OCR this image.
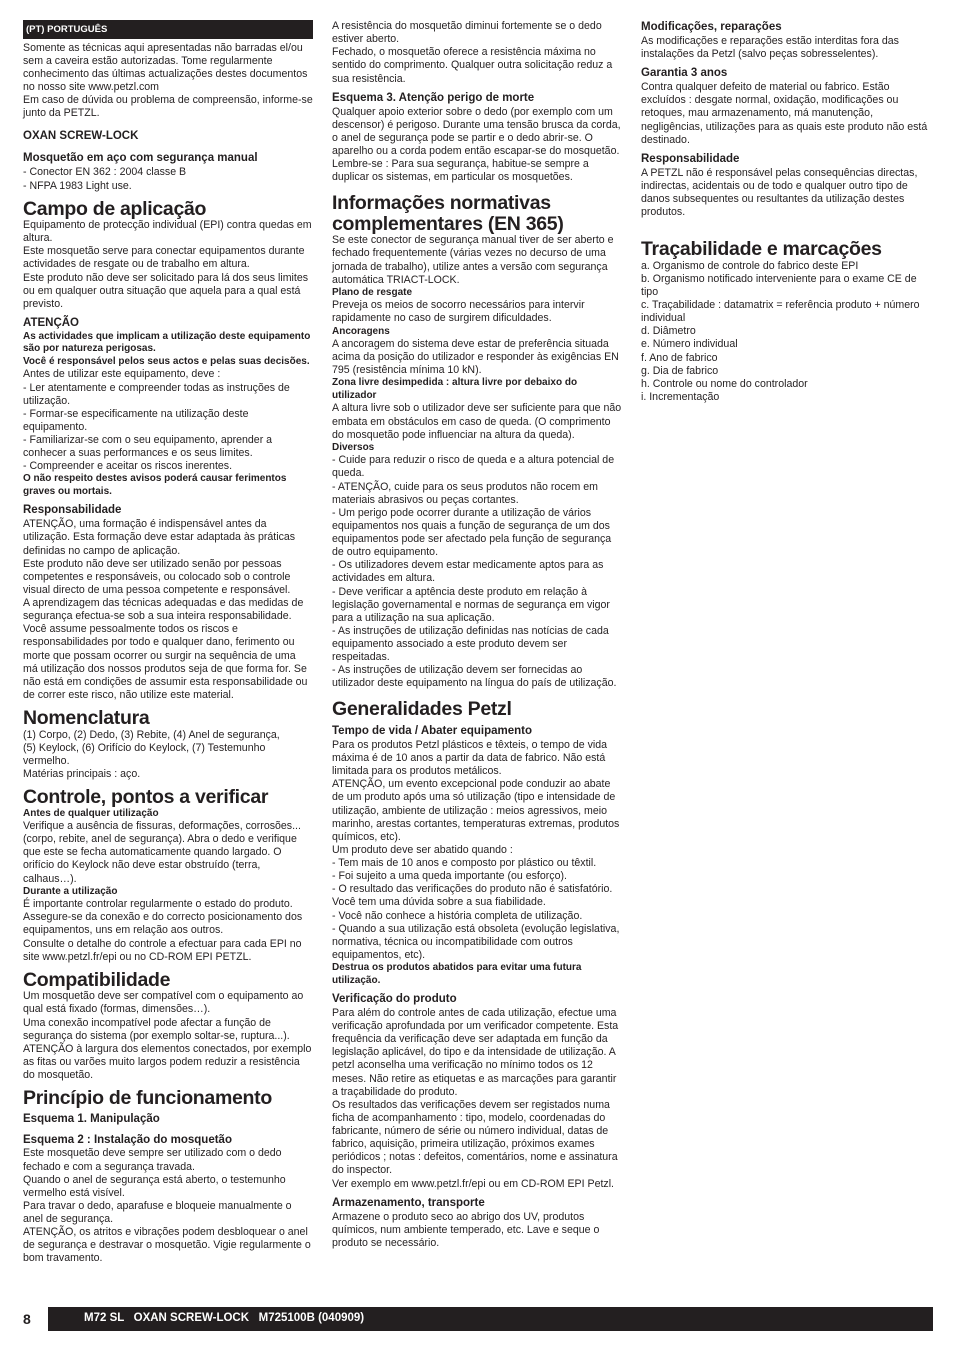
(PT) PORTUGUÊS

Somente as técnicas aqui apresentadas não barradas el/ou sem a caveira estão autorizadas. Tome regularmente conhecimento das últimas actualizações destes documentos no nosso site www.petzl.com
Em caso de dúvida ou problema de compreensão, informe-se junto da PETZL.

OXAN SCREW-LOCK
Mosquetão em aço com segurança manual

- Conector EN 362 : 2004 classe B
- NFPA 1983 Light use.

Campo de aplicação

Equipamento de protecção individual (EPI) contra quedas em altura.
Este mosquetão serve para conectar equipamentos durante actividades de resgate ou de trabalho em altura.
Este produto não deve ser solicitado para lá dos seus limites ou em qualquer outra situação que aquela para a qual está previsto.

ATENÇÃO

As actividades que implicam a utilização deste equipamento são por natureza perigosas.

Você é responsável pelos seus actos e pelas suas decisões.

Antes de utilizar este equipamento, deve :
- Ler atentamente e compreender todas as instruções de utilização.
- Formar-se especificamente na utilização deste equipamento.
- Familiarizar-se com o seu equipamento, aprender a conhecer a suas performances e os seus limites.
- Compreender e aceitar os riscos inerentes.

O não respeito destes avisos poderá causar ferimentos graves ou mortais.

Responsabilidade

ATENÇÃO, uma formação é indispensável antes da utilização. Esta formação deve estar adaptada às práticas definidas no campo de aplicação.
Este produto não deve ser utilizado senão por pessoas competentes e responsáveis, ou colocado sob o controle visual directo de uma pessoa competente e responsável.
A aprendizagem das técnicas adequadas e das medidas de segurança efectua-se sob a sua inteira responsabilidade.
Você assume pessoalmente todos os riscos e responsabilidades por todo e qualquer dano, ferimento ou morte que possam ocorrer ou surgir na sequência de uma má utilização dos nossos produtos seja de que forma for. Se não está em condições de assumir esta responsabilidade ou de correr este risco, não utilize este material.

Nomenclatura

(1) Corpo, (2) Dedo, (3) Rebite, (4) Anel de segurança,
(5) Keylock, (6) Orifício do Keylock, (7) Testemunho vermelho.
Matérias principais : aço.

Controle, pontos a verificar

Antes de qualquer utilização

Verifique a ausência de fissuras, deformações, corrosões... (corpo, rebite, anel de segurança). Abra o dedo e verifique que este se fecha automaticamente quando largado. O orifício do Keylock não deve estar obstruído (terra, calhaus…).

Durante a utilização

É importante controlar regularmente o estado do produto. Assegure-se da conexão e do correcto posicionamento dos equipamentos, uns em relação aos outros.
Consulte o detalhe do controle a efectuar para cada EPI no site www.petzl.fr/epi ou no CD-ROM EPI PETZL.

Compatibilidade

Um mosquetão deve ser compatível com o equipamento ao qual está fixado (formas, dimensões…).
Uma conexão incompatível pode afectar a função de segurança do sistema (por exemplo soltar-se, ruptura...).
ATENÇÃO à largura dos elementos conectados, por exemplo as fitas ou varões muito largos podem reduzir a resistência do mosquetão.

Princípio de funcionamento
Esquema 1. Manipulação
Esquema 2 : Instalação do mosquetão

Este mosquetão deve sempre ser utilizado com o dedo fechado e com a segurança travada.
Quando o anel de segurança está aberto, o testemunho vermelho está visível.
Para travar o dedo, aparafuse e bloqueie manualmente o anel de segurança.
ATENÇÃO, os atritos e vibrações podem desbloquear o anel de segurança e destravar o mosquetão. Vigie regularmente o bom travamento.

A resistência do mosquetão diminui fortemente se o dedo estiver aberto.
Fechado, o mosquetão oferece a resistência máxima no sentido do comprimento. Qualquer outra solicitação reduz a sua resistência.

Esquema 3. Atenção perigo de morte

Qualquer apoio exterior sobre o dedo (por exemplo com um descensor) é perigoso. Durante uma tensão brusca da corda, o anel de segurança pode se partir e o dedo abrir-se. O aparelho ou a corda podem então escapar-se do mosquetão.
Lembre-se : Para sua segurança, habitue-se sempre a duplicar os sistemas, em particular os mosquetões.

Informações normativas complementares (EN 365)

Se este conector de segurança manual tiver de ser aberto e fechado frequentemente (várias vezes no decurso de uma jornada de trabalho), utilize antes a versão com segurança automática TRIACT-LOCK.

Plano de resgate

Preveja os meios de socorro necessários para intervir rapidamente no caso de surgirem dificuldades.

Ancoragens

A ancoragem do sistema deve estar de preferência situada acima da posição do utilizador e responder às exigências EN 795 (resistência mínima 10 kN).

Zona livre desimpedida : altura livre por debaixo do utilizador

A altura livre sob o utilizador deve ser suficiente para que não embata em obstáculos em caso de queda. (O comprimento do mosquetão pode influenciar na altura da queda).

Diversos

- Cuide para reduzir o risco de queda e a altura potencial de queda.
- ATENÇÃO, cuide para os seus produtos não rocem em materiais abrasivos ou peças cortantes.
- Um perigo pode ocorrer durante a utilização de vários equipamentos nos quais a função de segurança de um dos equipamentos pode ser afectado pela função de segurança de outro equipamento.
- Os utilizadores devem estar medicamente aptos para as actividades em altura.
- Deve verificar a aptência deste produto em relação à legislação governamental e normas de segurança em vigor para a utilização na sua aplicação.
- As instruções de utilização definidas nas notícias de cada equipamento associado a este produto devem ser respeitadas.
- As instruções de utilização devem ser fornecidas ao utilizador deste equipamento na língua do país de utilização.

Generalidades Petzl
Tempo de vida / Abater equipamento

Para os produtos Petzl plásticos e têxteis, o tempo de vida máxima é de 10 anos a partir da data de fabrico. Não está limitada para os produtos metálicos.
ATENÇÃO, um evento excepcional pode conduzir ao abate de um produto após uma só utilização (tipo e intensidade de utilização, ambiente de utilização : meios agressivos, meio marinho, arestas cortantes, temperaturas extremas, produtos químicos, etc).
Um produto deve ser abatido quando :
- Tem mais de 10 anos e composto por plástico ou têxtil.
- Foi sujeito a uma queda importante (ou esforço).
- O resultado das verificações do produto não é satisfatório. Você tem uma dúvida sobre a sua fiabilidade.
- Você não conhece a história completa de utilização.
- Quando a sua utilização está obsoleta (evolução legislativa, normativa, técnica ou incompatibilidade com outros equipamentos, etc).

Destrua os produtos abatidos para evitar uma futura utilização.

Verificação do produto

Para além do controle antes de cada utilização, efectue uma verificação aprofundada por um verificador competente. Esta frequência da verificação deve ser adaptada em função da legislação aplicável, do tipo e da intensidade de utilização. A petzl aconselha uma verificação no mínimo todos os 12 meses. Não retire as etiquetas e as marcações para garantir a traçabilidade do produto.
Os resultados das verificações devem ser registados numa ficha de acompanhamento : tipo, modelo, coordenadas do fabricante, número de série ou número individual, datas de fabrico, aquisição, primeira utilização, próximos exames periódicos ; notas : defeitos, comentários, nome e assinatura do inspector.
Ver exemplo em www.petzl.fr/epi ou em CD-ROM EPI Petzl.

Armazenamento, transporte

Armazene o produto seco ao abrigo dos UV, produtos químicos, num ambiente temperado, etc. Lave e seque o produto se necessário.

Modificações, reparações

As modificações e reparações estão interditas fora das instalações da Petzl (salvo peças sobresselentes).

Garantia 3 anos

Contra qualquer defeito de material ou fabrico. Estão excluídos : desgate normal, oxidação, modificações ou retoques, mau armazenamento, má manutenção, negligências, utilizações para as quais este produto não está destinado.

Responsabilidade

A PETZL não é responsável pelas consequências directas, indirectas, acidentais ou de todo e qualquer outro tipo de danos subsequentes ou resultantes da utilização destes produtos.

Traçabilidade e marcações

a. Organismo de controle do fabrico deste EPI
b. Organismo notificado interveniente para o exame CE de tipo
c. Traçabilidade : datamatrix = referência produto + número individual
d. Diâmetro
e. Número individual
f. Ano de fabrico
g. Dia de fabrico
h. Controle ou nome do controlador
i. Incrementação

8	M72 SL   OXAN SCREW-LOCK   M725100B (040909)
